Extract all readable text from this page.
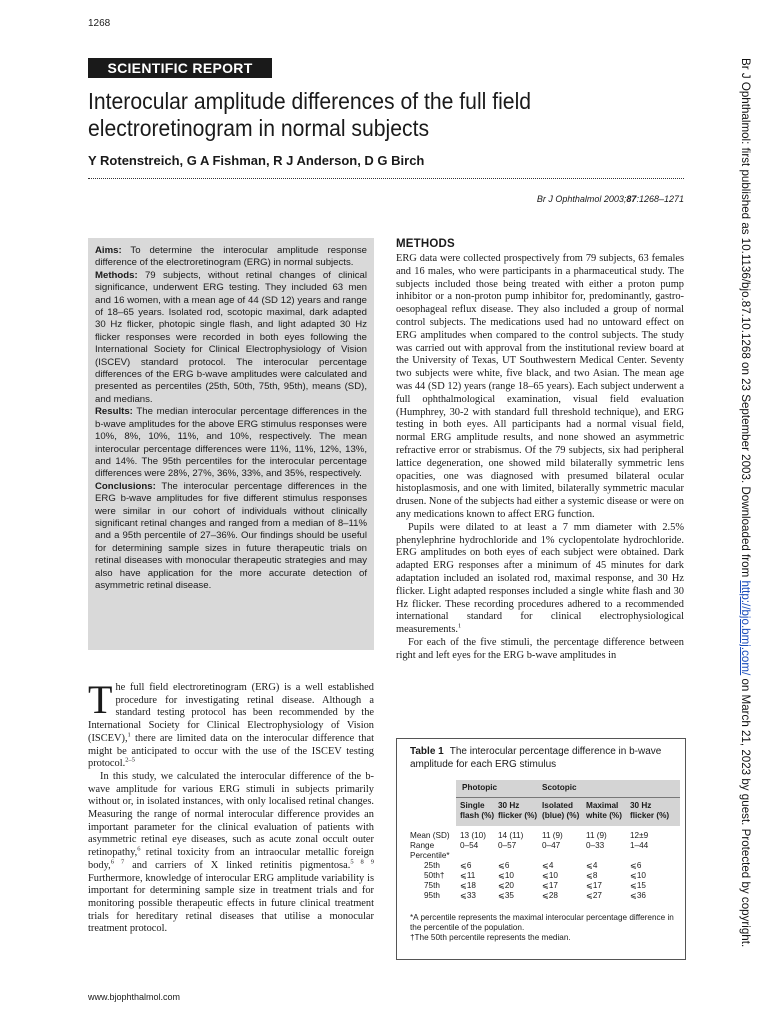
1268
SCIENTIFIC REPORT
Interocular amplitude differences of the full field
electroretinogram in normal subjects
Y Rotenstreich, G A Fishman, R J Anderson, D G Birch
Br J Ophthalmol 2003;87:1268–1271

Aims: To determine the interocular amplitude response difference of the electroretinogram (ERG) in normal subjects.

Methods: 79 subjects, without retinal changes of clinical significance, underwent ERG testing. They included 63 men and 16 women, with a mean age of 44 (SD 12) years and range of 18–65 years. Isolated rod, scotopic maximal, dark adapted 30 Hz flicker, photopic single flash, and light adapted 30 Hz flicker responses were recorded in both eyes following the International Society for Clinical Electrophysiology of Vision (ISCEV) standard protocol. The interocular percentage differences of the ERG b-wave amplitudes were calculated and presented as percentiles (25th, 50th, 75th, 95th), means (SD), and medians.

Results: The median interocular percentage differences in the b-wave amplitudes for the above ERG stimulus responses were 10%, 8%, 10%, 11%, and 10%, respectively. The mean interocular percentage differences were 11%, 11%, 12%, 13%, and 14%. The 95th percentiles for the interocular percentage differences were 28%, 27%, 36%, 33%, and 35%, respectively.

Conclusions: The interocular percentage differences in the ERG b-wave amplitudes for five different stimulus responses were similar in our cohort of individuals without clinically significant retinal changes and ranged from a median of 8–11% and a 95th percentile of 27–36%. Our findings should be useful for determining sample sizes in future therapeutic trials on retinal diseases with monocular therapeutic strategies and may also have application for the more accurate detection of asymmetric retinal disease.

The full field electroretinogram (ERG) is a well established procedure for investigating retinal disease. Although a standard testing protocol has been recommended by the International Society for Clinical Electrophysiology of Vision (ISCEV),$^1$ there are limited data on the interocular difference that might be anticipated to occur with the use of the ISCEV testing protocol.$^{2-5}$

In this study, we calculated the interocular difference of the b-wave amplitude for various ERG stimuli in subjects primarily without or, in isolated instances, with only localised retinal changes. Measuring the range of normal interocular difference provides an important parameter for the clinical evaluation of patients with asymmetric retinal eye diseases, such as acute zonal occult outer retinopathy,$^6$ retinal toxicity from an intraocular metallic foreign body,$^{6 7}$ and carriers of X linked retinitis pigmentosa.$^{5 8 9}$ Furthermore, knowledge of interocular ERG amplitude variability is important for determining sample size in treatment trials and for monitoring possible therapeutic effects in future clinical treatment trials for hereditary retinal diseases that utilise a monocular treatment protocol.

METHODS

ERG data were collected prospectively from 79 subjects, 63 females and 16 males, who were participants in a pharmaceutical study. The subjects included those being treated with either a proton pump inhibitor or a non-proton pump inhibitor for, predominantly, gastro-oesophageal reflux disease. They also included a group of normal control subjects. The medications used had no untoward effect on ERG amplitudes when compared to the control subjects. The study was carried out with approval from the institutional review board at the University of Texas, UT Southwestern Medical Center. Seventy two subjects were white, five black, and two Asian. The mean age was 44 (SD 12) years (range 18–65 years). Each subject underwent a full ophthalmological examination, visual field evaluation (Humphrey, 30-2 with standard full threshold technique), and ERG testing in both eyes. All participants had a normal visual field, normal ERG amplitude results, and none showed an asymmetric refractive error or strabismus. Of the 79 subjects, six had peripheral lattice degeneration, one showed mild bilaterally symmetric lens opacities, one was diagnosed with presumed bilateral ocular histoplasmosis, and one with limited, bilaterally symmetric macular drusen. None of the subjects had either a systemic disease or were on any medications known to affect ERG function.

Pupils were dilated to at least a 7 mm diameter with 2.5% phenylephrine hydrochloride and 1% cyclopentolate hydrochloride. ERG amplitudes on both eyes of each subject were obtained. Dark adapted ERG responses after a minimum of 45 minutes for dark adaptation included an isolated rod, maximal response, and 30 Hz flicker. Light adapted responses included a single white flash and 30 Hz flicker. These recording procedures adhered to a recommended international standard for clinical electrophysiological measurements.$^1$

For each of the five stimuli, the percentage difference between right and left eyes for the ERG b-wave amplitudes in

Table 1 The interocular percentage difference in b-wave amplitude for each ERG stimulus
Photopic	Scotopic
Single
flash (%)
30 Hz
flicker (%)
Isolated
(blue) (%)
Maximal
white (%)
30 Hz
flicker (%)
Mean (SD) 13 (10) 14 (11) 11 (9)	11 (9)	12±9
Range	0–54 0–57	0–47	0–33	1–44
Percentile*
25th ⩽6	⩽6	⩽4	⩽4	⩽6
50th† ⩽11	⩽10	⩽10	⩽8	⩽10
75th ⩽18	⩽20	⩽17	⩽17	⩽15
95th ⩽33	⩽35	⩽28	⩽27	⩽36

*A percentile represents the maximal interocular percentage difference in the percentile of the population.

†The 50th percentile represents the median.

www.bjophthalmol.com
Br J Ophthalmol: first published as 10.1136/bjo.87.10.1268 on 23 September 2003. Downloaded from http://bjo.bmj.com/ on March 21, 2023 by guest. Protected by copyright.
